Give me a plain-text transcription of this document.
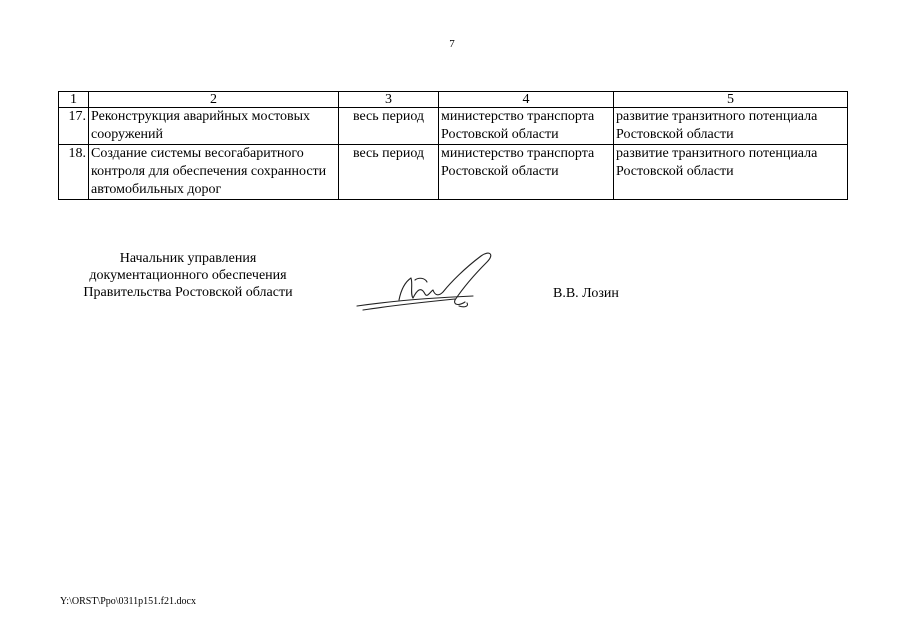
7
1	2	3	4	5
17.	Реконструкция аварийных мостовых сооружений	весь период	министерство транспорта Ростовской области	развитие транзитного потенциала Ростовской области
18.	Создание системы весогабаритного контроля для обеспечения сохранности автомобильных дорог	весь период	министерство транспорта Ростовской области	развитие транзитного потенциала Ростовской области
Начальник управления
документационного обеспечения
Правительства Ростовской области	В.В. Лозин
Y:\ORST\Ppo\0311p151.f21.docx
